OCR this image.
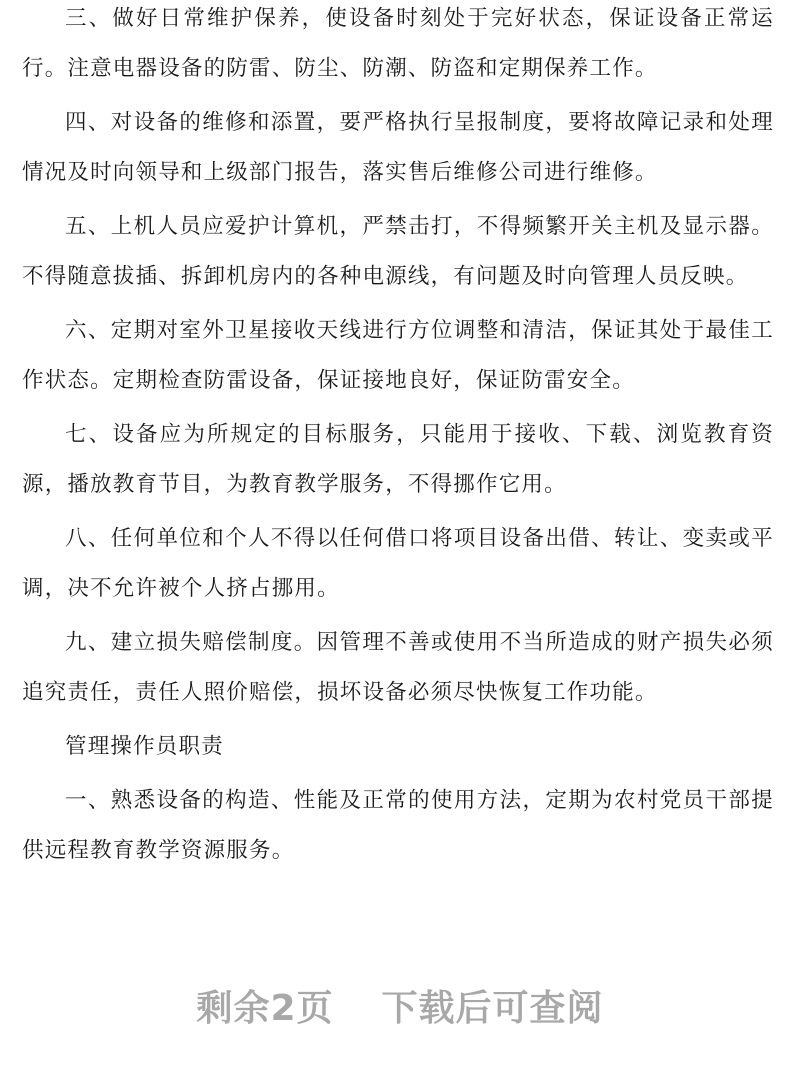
三、做好日常维护保养，使设备时刻处于完好状态，保证设备正常运行。注意电器设备的防雷、防尘、防潮、防盗和定期保养工作。

四、对设备的维修和添置，要严格执行呈报制度，要将故障记录和处理情况及时向领导和上级部门报告，落实售后维修公司进行维修。

五、上机人员应爱护计算机，严禁击打，不得频繁开关主机及显示器。不得随意拔插、拆卸机房内的各种电源线，有问题及时向管理人员反映。

六、定期对室外卫星接收天线进行方位调整和清洁，保证其处于最佳工作状态。定期检查防雷设备，保证接地良好，保证防雷安全。

七、设备应为所规定的目标服务，只能用于接收、下载、浏览教育资源，播放教育节目，为教育教学服务，不得挪作它用。

八、任何单位和个人不得以任何借口将项目设备出借、转让、变卖或平调，决不允许被个人挤占挪用。

九、建立损失赔偿制度。因管理不善或使用不当所造成的财产损失必须追究责任，责任人照价赔偿，损坏设备必须尽快恢复工作功能。

管理操作员职责

一、熟悉设备的构造、性能及正常的使用方法，定期为农村党员干部提供远程教育教学资源服务。

剩余2页 下载后可查阅
